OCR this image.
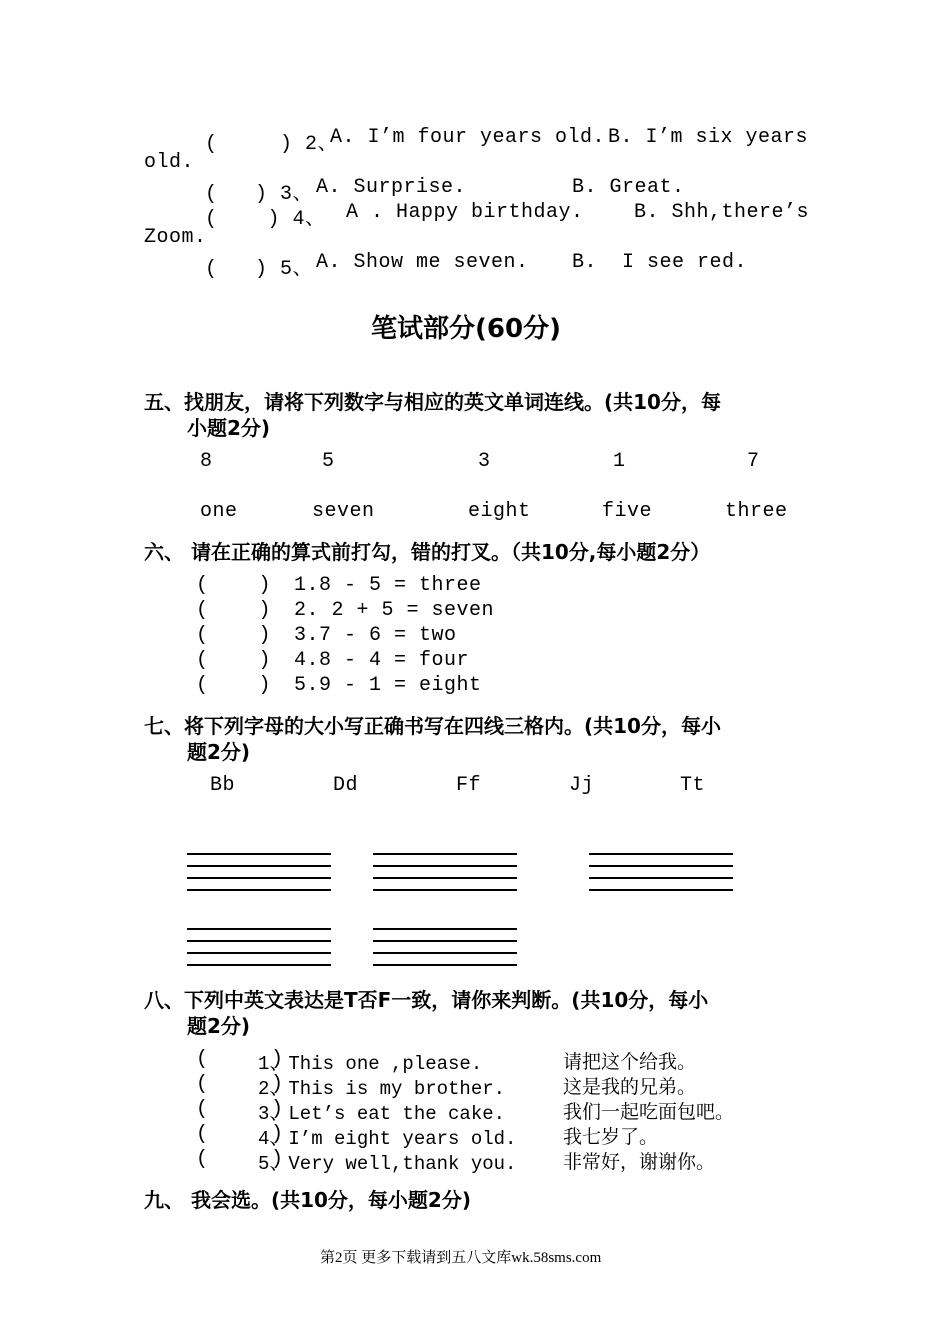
(     ) 2、
A. I’m four years old. B. I’m six years
old.
(   ) 3、 A. Surprise.	B. Great.
(    ) 4、 A . Happy birthday.	B. Shh,there’s
Zoom.
(   ) 5、 A. Show me seven. B.  I see red.
笔试部分(60分)
五、找朋友，请将下列数字与相应的英文单词连线。(共10分，每
小题2分)
8	5	3	1	7
one	seven	eight	five	three
六、 请在正确的算式前打勾，错的打叉。（共10分,每小题2分）
(    ) 1.8 - 5 = three
(    ) 2. 2 + 5 = seven
(    ) 3.7 - 6 = two
(    ) 4.8 - 4 = four
(    ) 5.9 - 1 = eight
七、将下列字母的大小写正确书写在四线三格内。(共10分，每小
题2分)
Bb	Dd	Ff	Jj	Tt
八、下列中英文表达是T否F一致，请你来判断。(共10分，每小
题2分)
(     )
1、This one ,please.	请把这个给我。
(     )
2、This is my brother.	这是我的兄弟。
(     )
3、Let’s eat the cake.	我们一起吃面包吧。
(     )
4、I’m eight years old. 我七岁了。
(     )
5、Very well,thank you. 非常好，谢谢你。
九、 我会选。(共10分，每小题2分)
第2页 更多下载请到五八文库wk.58sms.com
